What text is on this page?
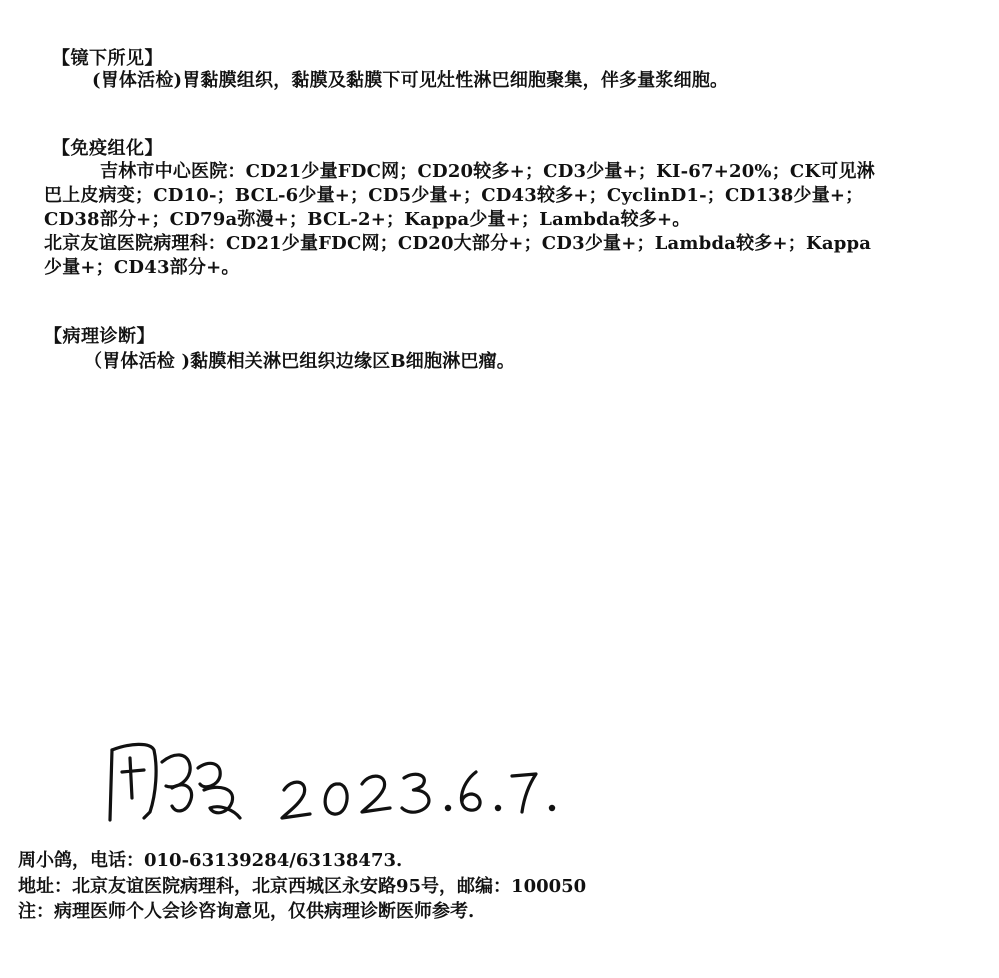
【镜下所见】
(胃体活检)胃黏膜组织，黏膜及黏膜下可见灶性淋巴细胞聚集，伴多量浆细胞。
【免疫组化】
吉林市中心医院：CD21少量FDC网；CD20较多+；CD3少量+；KI-67+20%；CK可见淋
巴上皮病变；CD10-；BCL-6少量+；CD5少量+；CD43较多+；CyclinD1-；CD138少量+；
CD38部分+；CD79a弥漫+；BCL-2+；Kappa少量+；Lambda较多+。
北京友谊医院病理科：CD21少量FDC网；CD20大部分+；CD3少量+；Lambda较多+；Kappa
少量+；CD43部分+。
【病理诊断】
（胃体活检 )黏膜相关淋巴组织边缘区B细胞淋巴瘤。
周小鸽，电话：010-63139284/63138473.
地址：北京友谊医院病理科，北京西城区永安路95号，邮编：100050
注：病理医师个人会诊咨询意见，仅供病理诊断医师参考.
